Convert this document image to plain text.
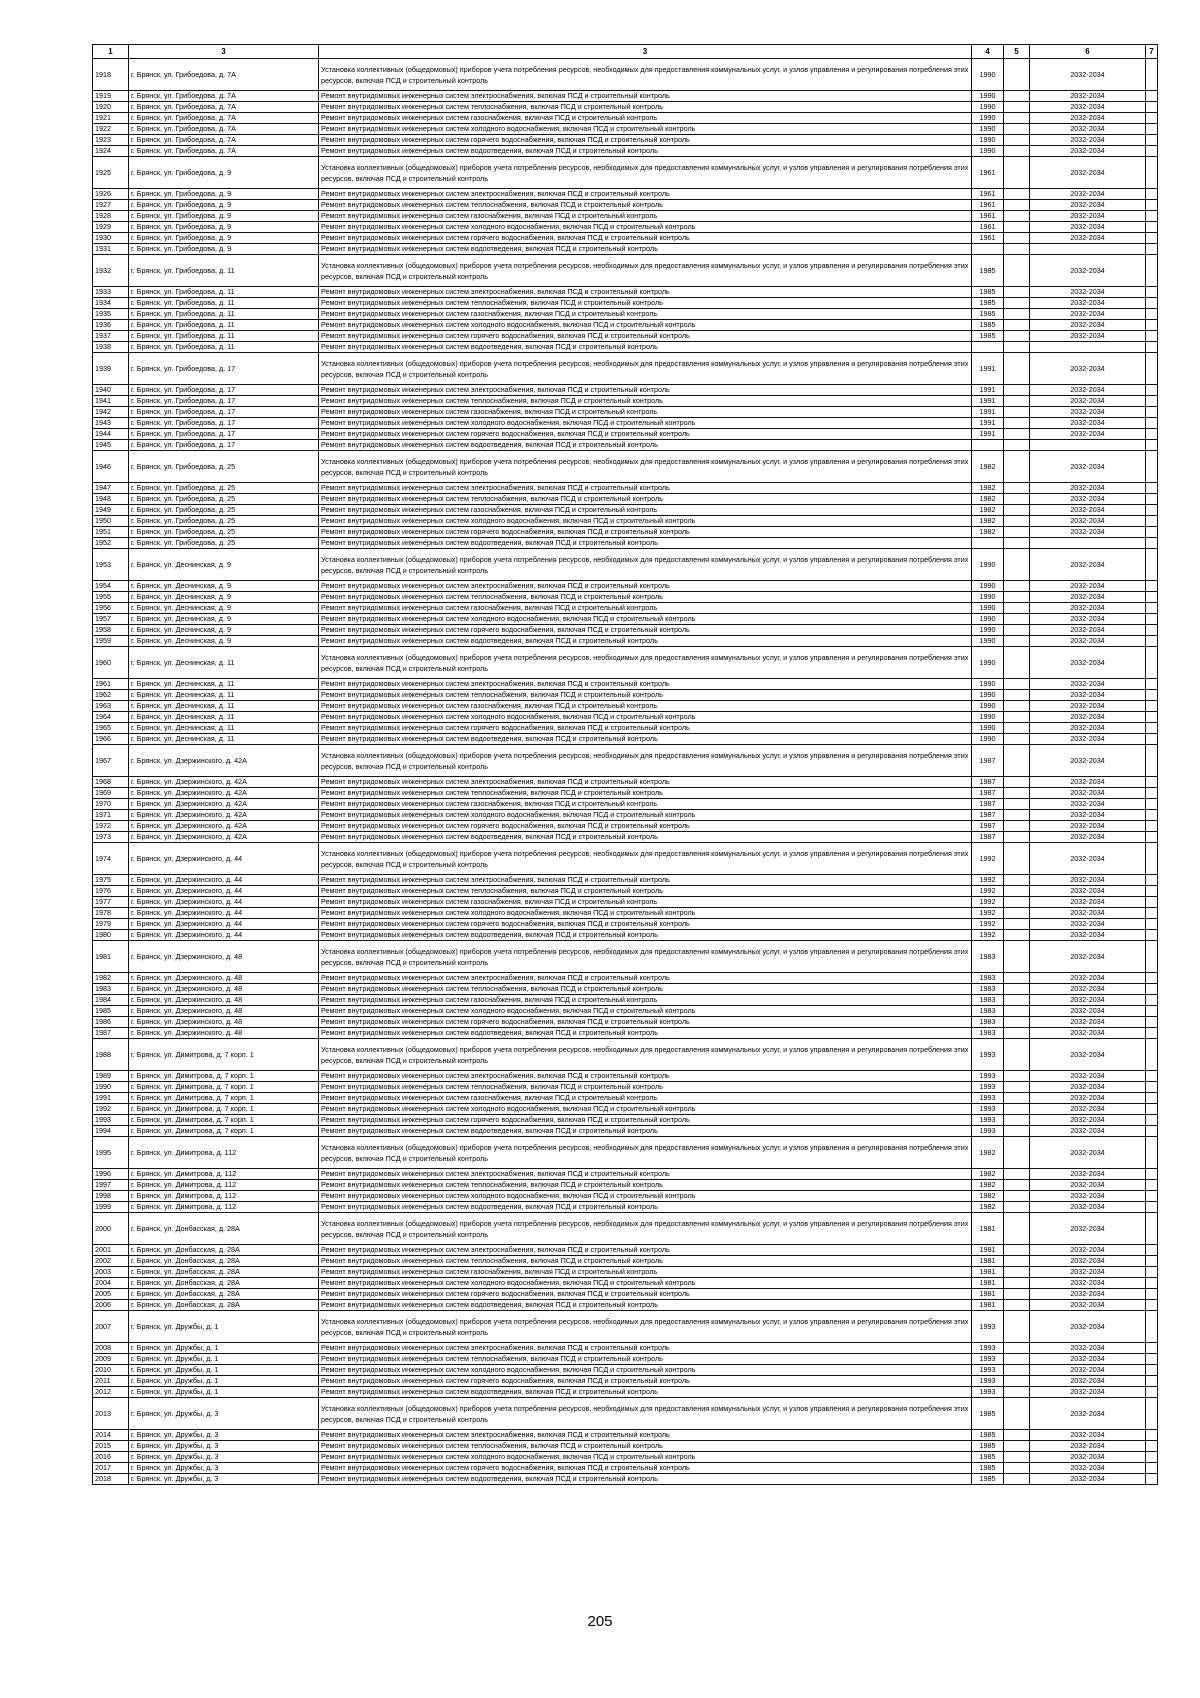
1	3	3	4	5	6	7
1918	г. Брянск, ул. Грибоедова, д. 7А	Установка коллективных (общедомовых) приборов учета потребления ресурсов, необходимых для предоставления коммунальных услуг, и узлов управления и регулирования потребления этих ресурсов, включая ПСД и строительный контроль	1990		2032-2034	
1919	г. Брянск, ул. Грибоедова, д. 7А	Ремонт внутридомовых инженерных систем электроснабжения, включая ПСД и строительный контроль	1990		2032-2034	
1920	г. Брянск, ул. Грибоедова, д. 7А	Ремонт внутридомовых инженерных систем теплоснабжения, включая ПСД и строительный контроль	1990		2032-2034	
1921	г. Брянск, ул. Грибоедова, д. 7А	Ремонт внутридомовых инженерных систем газоснабжения, включая ПСД и строительный контроль	1990		2032-2034	
1922	г. Брянск, ул. Грибоедова, д. 7А	Ремонт внутридомовых инженерных систем холодного водоснабжения, включая ПСД и строительный контроль	1990		2032-2034	
1923	г. Брянск, ул. Грибоедова, д. 7А	Ремонт внутридомовых инженерных систем горячего водоснабжения, включая ПСД и строительный контроль	1990		2032-2034	
1924	г. Брянск, ул. Грибоедова, д. 7А	Ремонт внутридомовых инженерных систем водоотведения, включая ПСД и строительный контроль	1990		2032-2034	
1925	г. Брянск, ул. Грибоедова, д. 9	Установка коллективных (общедомовых) приборов учета потребления ресурсов, необходимых для предоставления коммунальных услуг, и узлов управления и регулирования потребления этих ресурсов, включая ПСД и строительный контроль	1961		2032-2034	
1926	г. Брянск, ул. Грибоедова, д. 9	Ремонт внутридомовых инженерных систем электроснабжения, включая ПСД и строительный контроль	1961		2032-2034	
1927	г. Брянск, ул. Грибоедова, д. 9	Ремонт внутридомовых инженерных систем теплоснабжения, включая ПСД и строительный контроль	1961		2032-2034	
1928	г. Брянск, ул. Грибоедова, д. 9	Ремонт внутридомовых инженерных систем газоснабжения, включая ПСД и строительный контроль	1961		2032-2034	
1929	г. Брянск, ул. Грибоедова, д. 9	Ремонт внутридомовых инженерных систем холодного водоснабжения, включая ПСД и строительный контроль	1961		2032-2034	
1930	г. Брянск, ул. Грибоедова, д. 9	Ремонт внутридомовых инженерных систем горячего водоснабжения, включая ПСД и строительный контроль	1961		2032-2034	
1931	г. Брянск, ул. Грибоедова, д. 9	Ремонт внутридомовых инженерных систем водоотведения, включая ПСД и строительный контроль				
1932	г. Брянск, ул. Грибоедова, д. 11	Установка коллективных (общедомовых) приборов учета потребления ресурсов, необходимых для предоставления коммунальных услуг, и узлов управления и регулирования потребления этих ресурсов, включая ПСД и строительный контроль	1985		2032-2034	
1933	г. Брянск, ул. Грибоедова, д. 11	Ремонт внутридомовых инженерных систем электроснабжения, включая ПСД и строительный контроль	1985		2032-2034	
1934	г. Брянск, ул. Грибоедова, д. 11	Ремонт внутридомовых инженерных систем теплоснабжения, включая ПСД и строительный контроль	1985		2032-2034	
1935	г. Брянск, ул. Грибоедова, д. 11	Ремонт внутридомовых инженерных систем газоснабжения, включая ПСД и строительный контроль	1985		2032-2034	
1936	г. Брянск, ул. Грибоедова, д. 11	Ремонт внутридомовых инженерных систем холодного водоснабжения, включая ПСД и строительный контроль	1985		2032-2034	
1937	г. Брянск, ул. Грибоедова, д. 11	Ремонт внутридомовых инженерных систем горячего водоснабжения, включая ПСД и строительный контроль	1985		2032-2034	
1938	г. Брянск, ул. Грибоедова, д. 11	Ремонт внутридомовых инженерных систем водоотведения, включая ПСД и строительный контроль				
1939	г. Брянск, ул. Грибоедова, д. 17	Установка коллективных (общедомовых) приборов учета потребления ресурсов, необходимых для предоставления коммунальных услуг, и узлов управления и регулирования потребления этих ресурсов, включая ПСД и строительный контроль	1991		2032-2034	
1940	г. Брянск, ул. Грибоедова, д. 17	Ремонт внутридомовых инженерных систем электроснабжения, включая ПСД и строительный контроль	1991		2032-2034	
1941	г. Брянск, ул. Грибоедова, д. 17	Ремонт внутридомовых инженерных систем теплоснабжения, включая ПСД и строительный контроль	1991		2032-2034	
1942	г. Брянск, ул. Грибоедова, д. 17	Ремонт внутридомовых инженерных систем газоснабжения, включая ПСД и строительный контроль	1991		2032-2034	
1943	г. Брянск, ул. Грибоедова, д. 17	Ремонт внутридомовых инженерных систем холодного водоснабжения, включая ПСД и строительный контроль	1991		2032-2034	
1944	г. Брянск, ул. Грибоедова, д. 17	Ремонт внутридомовых инженерных систем горячего водоснабжения, включая ПСД и строительный контроль	1991		2032-2034	
1945	г. Брянск, ул. Грибоедова, д. 17	Ремонт внутридомовых инженерных систем водоотведения, включая ПСД и строительный контроль				
1946	г. Брянск, ул. Грибоедова, д. 25	Установка коллективных (общедомовых) приборов учета потребления ресурсов, необходимых для предоставления коммунальных услуг, и узлов управления и регулирования потребления этих ресурсов, включая ПСД и строительный контроль	1982		2032-2034	
1947	г. Брянск, ул. Грибоедова, д. 25	Ремонт внутридомовых инженерных систем электроснабжения, включая ПСД и строительный контроль	1982		2032-2034	
1948	г. Брянск, ул. Грибоедова, д. 25	Ремонт внутридомовых инженерных систем теплоснабжения, включая ПСД и строительный контроль	1982		2032-2034	
1949	г. Брянск, ул. Грибоедова, д. 25	Ремонт внутридомовых инженерных систем газоснабжения, включая ПСД и строительный контроль	1982		2032-2034	
1950	г. Брянск, ул. Грибоедова, д. 25	Ремонт внутридомовых инженерных систем холодного водоснабжения, включая ПСД и строительный контроль	1982		2032-2034	
1951	г. Брянск, ул. Грибоедова, д. 25	Ремонт внутридомовых инженерных систем горячего водоснабжения, включая ПСД и строительный контроль	1982		2032-2034	
1952	г. Брянск, ул. Грибоедова, д. 25	Ремонт внутридомовых инженерных систем водоотведения, включая ПСД и строительный контроль				
1953	г. Брянск, ул. Деснинская, д. 9	Установка коллективных (общедомовых) приборов учета потребления ресурсов, необходимых для предоставления коммунальных услуг, и узлов управления и регулирования потребления этих ресурсов, включая ПСД и строительный контроль	1990		2032-2034	
1954	г. Брянск, ул. Деснинская, д. 9	Ремонт внутридомовых инженерных систем электроснабжения, включая ПСД и строительный контроль	1990		2032-2034	
1955	г. Брянск, ул. Деснинская, д. 9	Ремонт внутридомовых инженерных систем теплоснабжения, включая ПСД и строительный контроль	1990		2032-2034	
1956	г. Брянск, ул. Деснинская, д. 9	Ремонт внутридомовых инженерных систем газоснабжения, включая ПСД и строительный контроль	1990		2032-2034	
1957	г. Брянск, ул. Деснинская, д. 9	Ремонт внутридомовых инженерных систем холодного водоснабжения, включая ПСД и строительный контроль	1990		2032-2034	
1958	г. Брянск, ул. Деснинская, д. 9	Ремонт внутридомовых инженерных систем горячего водоснабжения, включая ПСД и строительный контроль	1990		2032-2034	
1959	г. Брянск, ул. Деснинская, д. 9	Ремонт внутридомовых инженерных систем водоотведения, включая ПСД и строительный контроль	1990		2032-2034	
1960	г. Брянск, ул. Деснинская, д. 11	Установка коллективных (общедомовых) приборов учета потребления ресурсов, необходимых для предоставления коммунальных услуг, и узлов управления и регулирования потребления этих ресурсов, включая ПСД и строительный контроль	1990		2032-2034	
1961	г. Брянск, ул. Деснинская, д. 11	Ремонт внутридомовых инженерных систем электроснабжения, включая ПСД и строительный контроль	1990		2032-2034	
1962	г. Брянск, ул. Деснинская, д. 11	Ремонт внутридомовых инженерных систем теплоснабжения, включая ПСД и строительный контроль	1990		2032-2034	
1963	г. Брянск, ул. Деснинская, д. 11	Ремонт внутридомовых инженерных систем газоснабжения, включая ПСД и строительный контроль	1990		2032-2034	
1964	г. Брянск, ул. Деснинская, д. 11	Ремонт внутридомовых инженерных систем холодного водоснабжения, включая ПСД и строительный контроль	1990		2032-2034	
1965	г. Брянск, ул. Деснинская, д. 11	Ремонт внутридомовых инженерных систем горячего водоснабжения, включая ПСД и строительный контроль	1990		2032-2034	
1966	г. Брянск, ул. Деснинская, д. 11	Ремонт внутридомовых инженерных систем водоотведения, включая ПСД и строительный контроль	1990		2032-2034	
1967	г. Брянск, ул. Дзержинского, д. 42А	Установка коллективных (общедомовых) приборов учета потребления ресурсов, необходимых для предоставления коммунальных услуг, и узлов управления и регулирования потребления этих ресурсов, включая ПСД и строительный контроль	1987		2032-2034	
1968	г. Брянск, ул. Дзержинского, д. 42А	Ремонт внутридомовых инженерных систем электроснабжения, включая ПСД и строительный контроль	1987		2032-2034	
1969	г. Брянск, ул. Дзержинского, д. 42А	Ремонт внутридомовых инженерных систем теплоснабжения, включая ПСД и строительный контроль	1987		2032-2034	
1970	г. Брянск, ул. Дзержинского, д. 42А	Ремонт внутридомовых инженерных систем газоснабжения, включая ПСД и строительный контроль	1987		2032-2034	
1971	г. Брянск, ул. Дзержинского, д. 42А	Ремонт внутридомовых инженерных систем холодного водоснабжения, включая ПСД и строительный контроль	1987		2032-2034	
1972	г. Брянск, ул. Дзержинского, д. 42А	Ремонт внутридомовых инженерных систем горячего водоснабжения, включая ПСД и строительный контроль	1987		2032-2034	
1973	г. Брянск, ул. Дзержинского, д. 42А	Ремонт внутридомовых инженерных систем водоотведения, включая ПСД и строительный контроль	1987		2032-2034	
1974	г. Брянск, ул. Дзержинского, д. 44	Установка коллективных (общедомовых) приборов учета потребления ресурсов, необходимых для предоставления коммунальных услуг, и узлов управления и регулирования потребления этих ресурсов, включая ПСД и строительный контроль	1992		2032-2034	
1975	г. Брянск, ул. Дзержинского, д. 44	Ремонт внутридомовых инженерных систем электроснабжения, включая ПСД и строительный контроль	1992		2032-2034	
1976	г. Брянск, ул. Дзержинского, д. 44	Ремонт внутридомовых инженерных систем теплоснабжения, включая ПСД и строительный контроль	1992		2032-2034	
1977	г. Брянск, ул. Дзержинского, д. 44	Ремонт внутридомовых инженерных систем газоснабжения, включая ПСД и строительный контроль	1992		2032-2034	
1978	г. Брянск, ул. Дзержинского, д. 44	Ремонт внутридомовых инженерных систем холодного водоснабжения, включая ПСД и строительный контроль	1992		2032-2034	
1979	г. Брянск, ул. Дзержинского, д. 44	Ремонт внутридомовых инженерных систем горячего водоснабжения, включая ПСД и строительный контроль	1992		2032-2034	
1980	г. Брянск, ул. Дзержинского, д. 44	Ремонт внутридомовых инженерных систем водоотведения, включая ПСД и строительный контроль	1992		2032-2034	
1981	г. Брянск, ул. Дзержинского, д. 48	Установка коллективных (общедомовых) приборов учета потребления ресурсов, необходимых для предоставления коммунальных услуг, и узлов управления и регулирования потребления этих ресурсов, включая ПСД и строительный контроль	1983		2032-2034	
1982	г. Брянск, ул. Дзержинского, д. 48	Ремонт внутридомовых инженерных систем электроснабжения, включая ПСД и строительный контроль	1983		2032-2034	
1983	г. Брянск, ул. Дзержинского, д. 48	Ремонт внутридомовых инженерных систем теплоснабжения, включая ПСД и строительный контроль	1983		2032-2034	
1984	г. Брянск, ул. Дзержинского, д. 48	Ремонт внутридомовых инженерных систем газоснабжения, включая ПСД и строительный контроль	1983		2032-2034	
1985	г. Брянск, ул. Дзержинского, д. 48	Ремонт внутридомовых инженерных систем холодного водоснабжения, включая ПСД и строительный контроль	1983		2032-2034	
1986	г. Брянск, ул. Дзержинского, д. 48	Ремонт внутридомовых инженерных систем горячего водоснабжения, включая ПСД и строительный контроль	1983		2032-2034	
1987	г. Брянск, ул. Дзержинского, д. 48	Ремонт внутридомовых инженерных систем водоотведения, включая ПСД и строительный контроль	1983		2032-2034	
1988	г. Брянск, ул. Димитрова, д. 7 корп. 1	Установка коллективных (общедомовых) приборов учета потребления ресурсов, необходимых для предоставления коммунальных услуг, и узлов управления и регулирования потребления этих ресурсов, включая ПСД и строительный контроль	1993		2032-2034	
1989	г. Брянск, ул. Димитрова, д. 7 корп. 1	Ремонт внутридомовых инженерных систем электроснабжения, включая ПСД и строительный контроль	1993		2032-2034	
1990	г. Брянск, ул. Димитрова, д. 7 корп. 1	Ремонт внутридомовых инженерных систем теплоснабжения, включая ПСД и строительный контроль	1993		2032-2034	
1991	г. Брянск, ул. Димитрова, д. 7 корп. 1	Ремонт внутридомовых инженерных систем газоснабжения, включая ПСД и строительный контроль	1993		2032-2034	
1992	г. Брянск, ул. Димитрова, д. 7 корп. 1	Ремонт внутридомовых инженерных систем холодного водоснабжения, включая ПСД и строительный контроль	1993		2032-2034	
1993	г. Брянск, ул. Димитрова, д. 7 корп. 1	Ремонт внутридомовых инженерных систем горячего водоснабжения, включая ПСД и строительный контроль	1993		2032-2034	
1994	г. Брянск, ул. Димитрова, д. 7 корп. 1	Ремонт внутридомовых инженерных систем водоотведения, включая ПСД и строительный контроль	1993		2032-2034	
1995	г. Брянск, ул. Димитрова, д. 112	Установка коллективных (общедомовых) приборов учета потребления ресурсов, необходимых для предоставления коммунальных услуг, и узлов управления и регулирования потребления этих ресурсов, включая ПСД и строительный контроль	1982		2032-2034	
1996	г. Брянск, ул. Димитрова, д. 112	Ремонт внутридомовых инженерных систем электроснабжения, включая ПСД и строительный контроль	1982		2032-2034	
1997	г. Брянск, ул. Димитрова, д. 112	Ремонт внутридомовых инженерных систем теплоснабжения, включая ПСД и строительный контроль	1982		2032-2034	
1998	г. Брянск, ул. Димитрова, д. 112	Ремонт внутридомовых инженерных систем холодного водоснабжения, включая ПСД и строительный контроль	1982		2032-2034	
1999	г. Брянск, ул. Димитрова, д. 112	Ремонт внутридомовых инженерных систем водоотведения, включая ПСД и строительный контроль	1982		2032-2034	
2000	г. Брянск, ул. Донбасская, д. 28А	Установка коллективных (общедомовых) приборов учета потребления ресурсов, необходимых для предоставления коммунальных услуг, и узлов управления и регулирования потребления этих ресурсов, включая ПСД и строительный контроль	1981		2032-2034	
2001	г. Брянск, ул. Донбасская, д. 28А	Ремонт внутридомовых инженерных систем электроснабжения, включая ПСД и строительный контроль	1981		2032-2034	
2002	г. Брянск, ул. Донбасская, д. 28А	Ремонт внутридомовых инженерных систем теплоснабжения, включая ПСД и строительный контроль	1981		2032-2034	
2003	г. Брянск, ул. Донбасская, д. 28А	Ремонт внутридомовых инженерных систем газоснабжения, включая ПСД и строительный контроль	1981		2032-2034	
2004	г. Брянск, ул. Донбасская, д. 28А	Ремонт внутридомовых инженерных систем холодного водоснабжения, включая ПСД и строительный контроль	1981		2032-2034	
2005	г. Брянск, ул. Донбасская, д. 28А	Ремонт внутридомовых инженерных систем горячего водоснабжения, включая ПСД и строительный контроль	1981		2032-2034	
2006	г. Брянск, ул. Донбасская, д. 28А	Ремонт внутридомовых инженерных систем водоотведения, включая ПСД и строительный контроль	1981		2032-2034	
2007	г. Брянск, ул. Дружбы, д. 1	Установка коллективных (общедомовых) приборов учета потребления ресурсов, необходимых для предоставления коммунальных услуг, и узлов управления и регулирования потребления этих ресурсов, включая ПСД и строительный контроль	1993		2032-2034	
2008	г. Брянск, ул. Дружбы, д. 1	Ремонт внутридомовых инженерных систем электроснабжения, включая ПСД и строительный контроль	1993		2032-2034	
2009	г. Брянск, ул. Дружбы, д. 1	Ремонт внутридомовых инженерных систем теплоснабжения, включая ПСД и строительный контроль	1993		2032-2034	
2010	г. Брянск, ул. Дружбы, д. 1	Ремонт внутридомовых инженерных систем холодного водоснабжения, включая ПСД и строительный контроль	1993		2032-2034	
2011	г. Брянск, ул. Дружбы, д. 1	Ремонт внутридомовых инженерных систем горячего водоснабжения, включая ПСД и строительный контроль	1993		2032-2034	
2012	г. Брянск, ул. Дружбы, д. 1	Ремонт внутридомовых инженерных систем водоотведения, включая ПСД и строительный контроль	1993		2032-2034	
2013	г. Брянск, ул. Дружбы, д. 3	Установка коллективных (общедомовых) приборов учета потребления ресурсов, необходимых для предоставления коммунальных услуг, и узлов управления и регулирования потребления этих ресурсов, включая ПСД и строительный контроль	1985		2032-2034	
2014	г. Брянск, ул. Дружбы, д. 3	Ремонт внутридомовых инженерных систем электроснабжения, включая ПСД и строительный контроль	1985		2032-2034	
2015	г. Брянск, ул. Дружбы, д. 3	Ремонт внутридомовых инженерных систем теплоснабжения, включая ПСД и строительный контроль	1985		2032-2034	
2016	г. Брянск, ул. Дружбы, д. 3	Ремонт внутридомовых инженерных систем холодного водоснабжения, включая ПСД и строительный контроль	1985		2032-2034	
2017	г. Брянск, ул. Дружбы, д. 3	Ремонт внутридомовых инженерных систем горячего водоснабжения, включая ПСД и строительный контроль	1985		2032-2034	
2018	г. Брянск, ул. Дружбы, д. 3	Ремонт внутридомовых инженерных систем водоотведения, включая ПСД и строительный контроль	1985		2032-2034	
205
